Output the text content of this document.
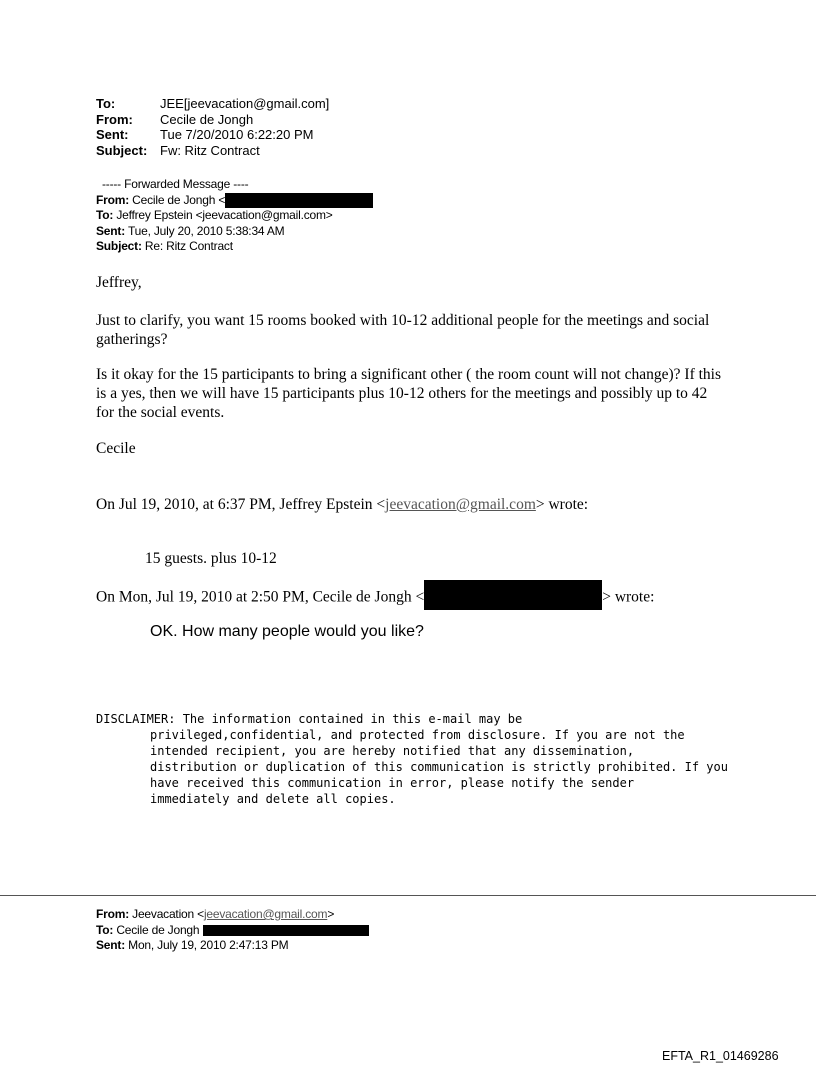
To:	JEE[jeevacation@gmail.com]
From: Cecile de Jongh
Sent: Tue 7/20/2010 6:22:20 PM
Subject: Fw: Ritz Contract
----- Forwarded Message ----
From: Cecile de Jongh <
To: Jeffrey Epstein <jeevacation@gmail.com>
Sent: Tue, July 20, 2010 5:38:34 AM
Subject: Re: Ritz Contract
Jeffrey,
Just to clarify, you want 15 rooms booked with 10-12 additional people for the meetings and social gatherings?
Is it okay for the 15 participants to bring a significant other ( the room count will not change)? If this is a yes, then we will have 15 participants plus 10-12 others for the meetings and possibly up to 42 for the social events.
Cecile
On Jul 19, 2010, at 6:37 PM, Jeffrey Epstein <jeevacation@gmail.com> wrote:
15 guests. plus 10-12
On Mon, Jul 19, 2010 at 2:50 PM, Cecile de Jongh <	> wrote:
OK. How many people would you like?
DISCLAIMER: The information contained in this e-mail may be
privileged,confidential, and protected from disclosure. If you are not the
intended recipient, you are hereby notified that any dissemination,
distribution or duplication of this communication is strictly prohibited. If you
have received this communication in error, please notify the sender
immediately and delete all copies.
From: Jeevacation <jeevacation@gmail.com>
To: Cecile de Jongh
Sent: Mon, July 19, 2010 2:47:13 PM
EFTA_R1_01469286
